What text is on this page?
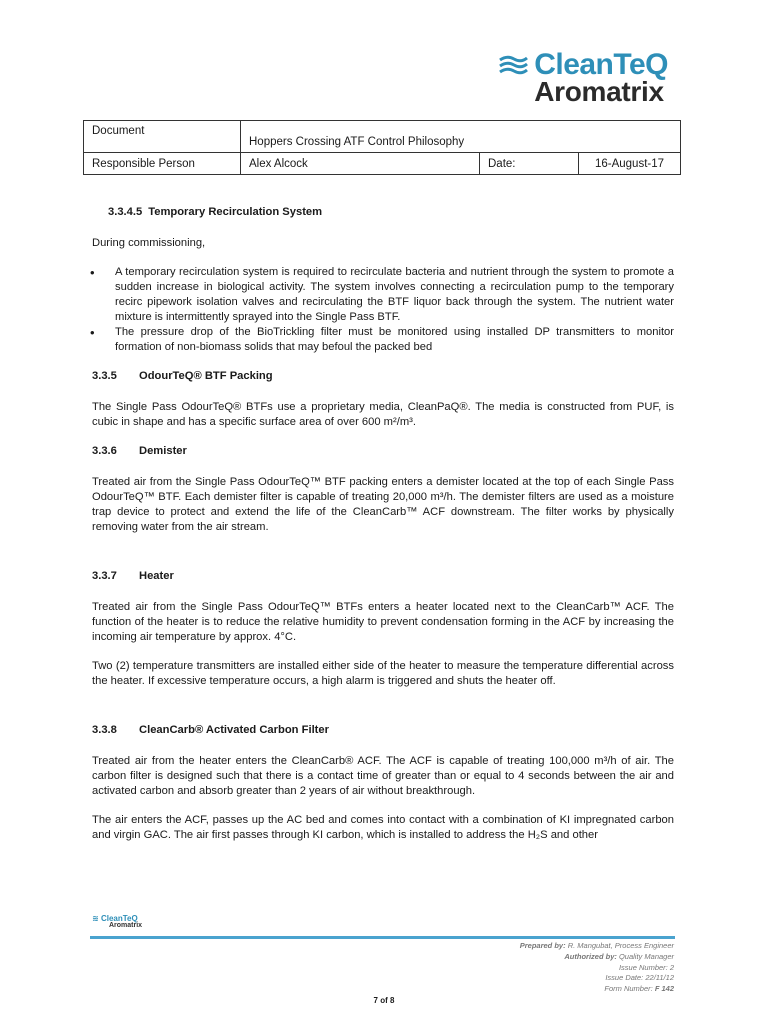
CleanTeQ
Aromatrix
Document	Hoppers Crossing ATF Control Philosophy		
Responsible Person	Alex Alcock	Date:	16-August-17
3.3.4.5 Temporary Recirculation System

During commissioning,

• A temporary recirculation system is required to recirculate bacteria and nutrient through the system to promote a sudden increase in biological activity. The system involves connecting a recirculation pump to the temporary recirc pipework isolation valves and recirculating the BTF liquor back through the system. The nutrient water mixture is intermittently sprayed into the Single Pass BTF.
• The pressure drop of the BioTrickling filter must be monitored using installed DP transmitters to monitor formation of non-biomass solids that may befoul the packed bed
3.3.5 OdourTeQ® BTF Packing

The Single Pass OdourTeQ® BTFs use a proprietary media, CleanPaQ®. The media is constructed from PUF, is cubic in shape and has a specific surface area of over 600 m²/m³.

3.3.6 Demister

Treated air from the Single Pass OdourTeQ™ BTF packing enters a demister located at the top of each Single Pass OdourTeQ™ BTF. Each demister filter is capable of treating 20,000 m³/h. The demister filters are used as a moisture trap device to protect and extend the life of the CleanCarb™ ACF downstream. The filter works by physically removing water from the air stream.

3.3.7 Heater

Treated air from the Single Pass OdourTeQ™ BTFs enters a heater located next to the CleanCarb™ ACF. The function of the heater is to reduce the relative humidity to prevent condensation forming in the ACF by increasing the incoming air temperature by approx. 4°C.

Two (2) temperature transmitters are installed either side of the heater to measure the temperature differential across the heater. If excessive temperature occurs, a high alarm is triggered and shuts the heater off.

3.3.8 CleanCarb® Activated Carbon Filter

Treated air from the heater enters the CleanCarb® ACF. The ACF is capable of treating 100,000 m³/h of air. The carbon filter is designed such that there is a contact time of greater than or equal to 4 seconds between the air and activated carbon and absorb greater than 2 years of air without breakthrough.

The air enters the ACF, passes up the AC bed and comes into contact with a combination of KI impregnated carbon and virgin GAC. The air first passes through KI carbon, which is installed to address the H₂S and other

≋ CleanTeQ
Aromatrix
Prepared by: R. Mangubat, Process Engineer
Authorized by: Quality Manager
Issue Number: 2
Issue Date: 22/11/12
Form Number: F 142
7 of 8
